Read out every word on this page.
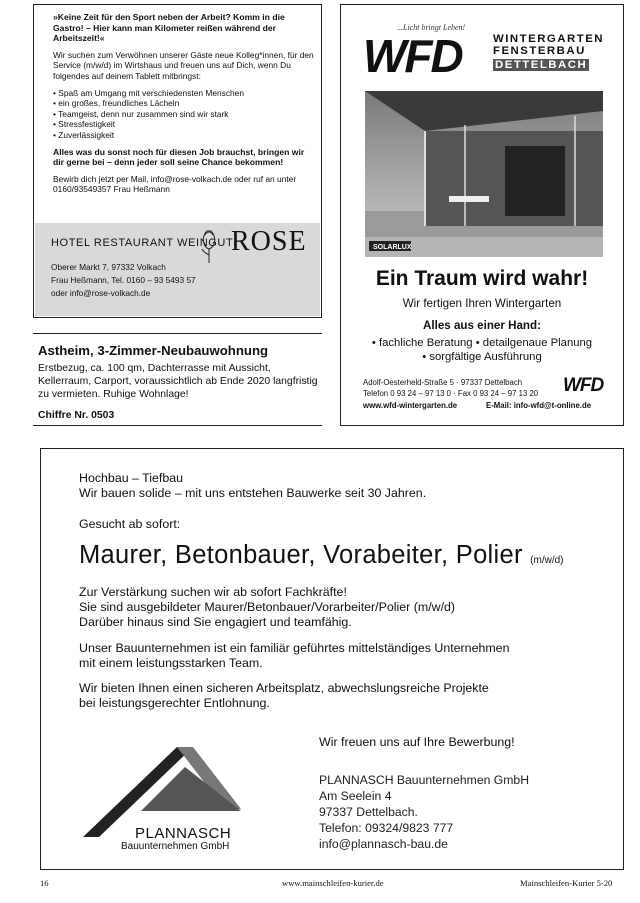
»Keine Zeit für den Sport neben der Arbeit? Komm in die Gastro! – Hier kann man Kilometer reißen während der Arbeitszeit!«

Wir suchen zum Verwöhnen unserer Gäste neue Kolleg*innen, für den Service (m/w/d) im Wirtshaus und freuen uns auf Dich, wenn Du folgendes auf deinem Tablett mitbringst:

• Spaß am Umgang mit verschiedensten Menschen
• ein großes, freundliches Lächeln
• Teamgeist, denn nur zusammen sind wir stark
• Stressfestigkeit
• Zuverlässigkeit

Alles was du sonst noch für diesen Job brauchst, bringen wir dir gerne bei – denn jeder soll seine Chance bekommen!

Bewirb dich jetzt per Mail, info@rose-volkach.de oder ruf an unter 0160/93549357 Frau Heßmann

HOTEL RESTAURANT WEINGUT
ROSE
Oberer Markt 7, 97332 Volkach
Frau Heßmann, Tel. 0160 – 93 5493 57
oder info@rose-volkach.de
Astheim, 3-Zimmer-Neubauwohnung
Erstbezug, ca. 100 qm, Dachterrasse mit Aussicht, Kellerraum, Carport, voraussichtlich ab Ende 2020 langfristig zu vermieten. Ruhige Wohnlage!
Chiffre Nr. 0503
...Licht bringt Leben!
WFD	WINTERGARTEN
FENSTERBAU
DETTELBACH
SOLARLUX
Ein Traum wird wahr!
Wir fertigen Ihren Wintergarten
Alles aus einer Hand:
• fachliche Beratung • detailgenaue Planung
• sorgfältige Ausführung
Adolf-Oesterheld-Straße 5 · 97337 Dettelbach
Telefon 0 93 24 – 97 13 0 · Fax 0 93 24 – 97 13 20 WFD
www.wfd-wintergarten.de	E-Mail: info-wfd@t-online.de
Hochbau – Tiefbau
Wir bauen solide – mit uns entstehen Bauwerke seit 30 Jahren.
Gesucht ab sofort:
Maurer, Betonbauer, Vorabeiter, Polier (m/w/d)
Zur Verstärkung suchen wir ab sofort Fachkräfte!
Sie sind ausgebildeter Maurer/Betonbauer/Vorarbeiter/Polier (m/w/d)
Darüber hinaus sind Sie engagiert und teamfähig.
Unser Bauunternehmen ist ein familiär geführtes mittelständiges Unternehmen
mit einem leistungsstarken Team.
Wir bieten Ihnen einen sicheren Arbeitsplatz, abwechslungsreiche Projekte
bei leistungsgerechter Entlohnung.
Wir freuen uns auf Ihre Bewerbung!
PLANNASCH
Bauunternehmen GmbH
PLANNASCH Bauunternehmen GmbH
Am Seelein 4
97337 Dettelbach.
Telefon: 09324/9823 777
info@plannasch-bau.de
16	www.mainschleifen-kurier.de	Mainschleifen-Kurier 5-20
